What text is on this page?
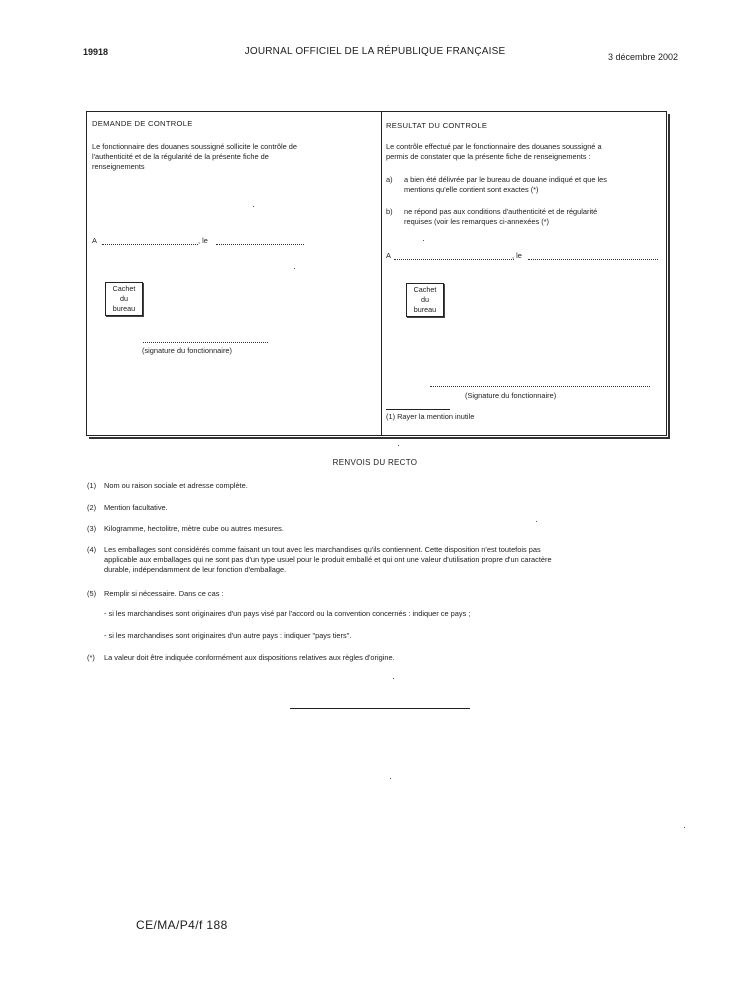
19918	JOURNAL OFFICIEL DE LA RÉPUBLIQUE FRANÇAISE	3 décembre 2002
DEMANDE DE CONTROLE
Le fonctionnaire des douanes soussigné sollicite le contrôle de
l'authenticité et de la régularité de la présente fiche de
renseignements
A	, le
Cachet
du
bureau
(signature du fonctionnaire)
RESULTAT DU CONTROLE
Le contrôle effectué par le fonctionnaire des douanes soussigné a
permis de constater que la présente fiche de renseignements :
a) a bien été délivrée par le bureau de douane indiqué et que les
mentions qu'elle contient sont exactes (*)
b) ne répond pas aux conditions d'authenticité et de régularité
requises (voir les remarques ci-annexées (*)
A	, le
Cachet
du
bureau
(Signature du fonctionnaire)
(1) Rayer la mention inutile
RENVOIS DU RECTO
(1) Nom ou raison sociale et adresse complète.
(2) Mention facultative.
(3) Kilogramme, hectolitre, mètre cube ou autres mesures.
(4) Les emballages sont considérés comme faisant un tout avec les marchandises qu'ils contiennent. Cette disposition n'est toutefois pas
applicable aux emballages qui ne sont pas d'un type usuel pour le produit emballé et qui ont une valeur d'utilisation propre d'un caractère
durable, indépendamment de leur fonction d'emballage.
(5) Remplir si nécessaire. Dans ce cas :
- si les marchandises sont originaires d'un pays visé par l'accord ou la convention concernés : indiquer ce pays ;
- si les marchandises sont originaires d'un autre pays : indiquer "pays tiers".
(*) La valeur doit être indiquée conformément aux dispositions relatives aux règles d'origine.
CE/MA/P4/f 188
